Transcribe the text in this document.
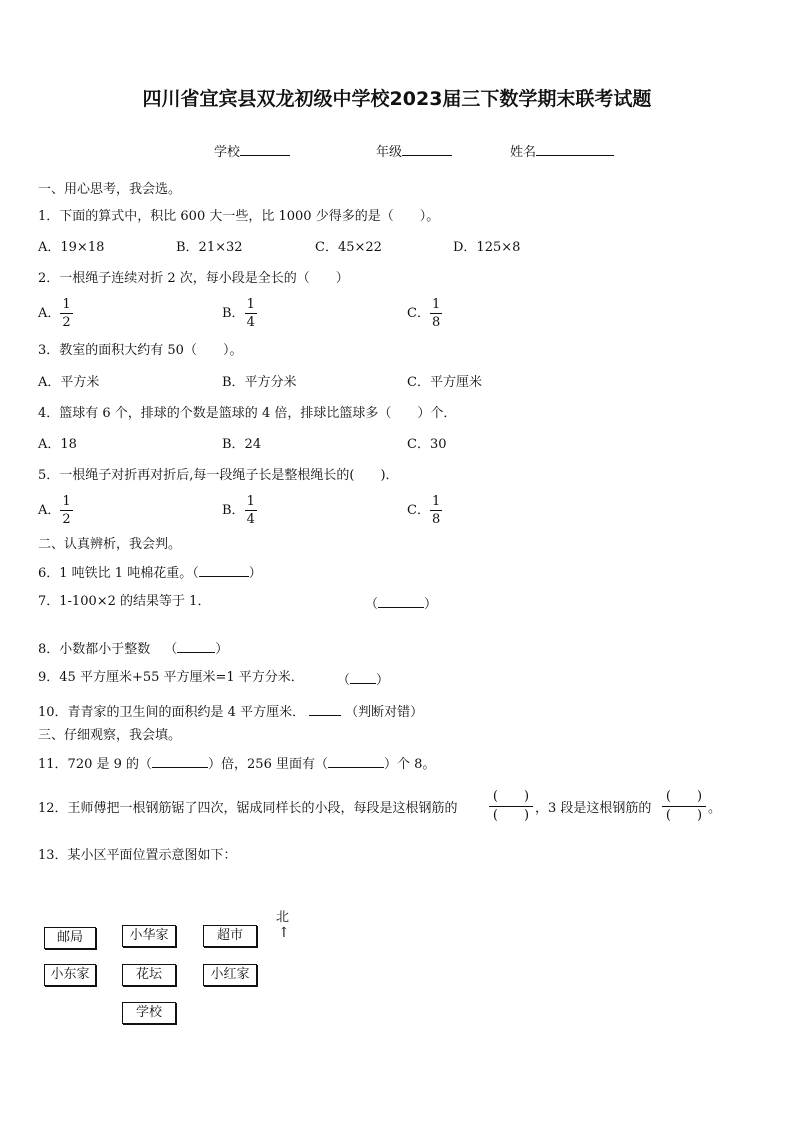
四川省宜宾县双龙初级中学校2023届三下数学期末联考试题
学校	年级	姓名
一、用心思考，我会选。
1．下面的算式中，积比 600 大一些，比 1000 少得多的是（　　）。
A．19×18	B．21×32	C．45×22	D．125×8
2．一根绳子连续对折 2 次，每小段是全长的（　　）
A． $\frac{1}{2}$	B． $\frac{1}{4}$	C． $\frac{1}{8}$
3．教室的面积大约有 50（　　）。
A．平方米	B．平方分米	C．平方厘米
4．篮球有 6 个，排球的个数是篮球的 4 倍，排球比篮球多（　　）个．
A．18	B．24	C．30
5．一根绳子对折再对折后,每一段绳子长是整根绳长的(　　)．
A． $\frac{1}{2}$	B． $\frac{1}{4}$	C． $\frac{1}{8}$
二、认真辨析，我会判。
6．1 吨铁比 1 吨棉花重。（	）
7．1-100×2 的结果等于 1．	（	）
8．小数都小于整数 （	）
9．45 平方厘米+55 平方厘米=1 平方分米．	（ ）
10．青青家的卫生间的面积约是 4 平方厘米．	（判断对错）
三、仔细观察，我会填。
11．720 是 9 的（	）倍，256 里面有（	）个 8。
12．王师傅把一根钢筋锯了四次，锯成同样长的小段，每段是这根钢筋的
(　　)
(　　) ，3 段是这根钢筋的
(　　)
(　　) 。
13．某小区平面位置示意图如下：
邮局	小华家	超市
北
↑
小东家	花坛	小红家
学校
